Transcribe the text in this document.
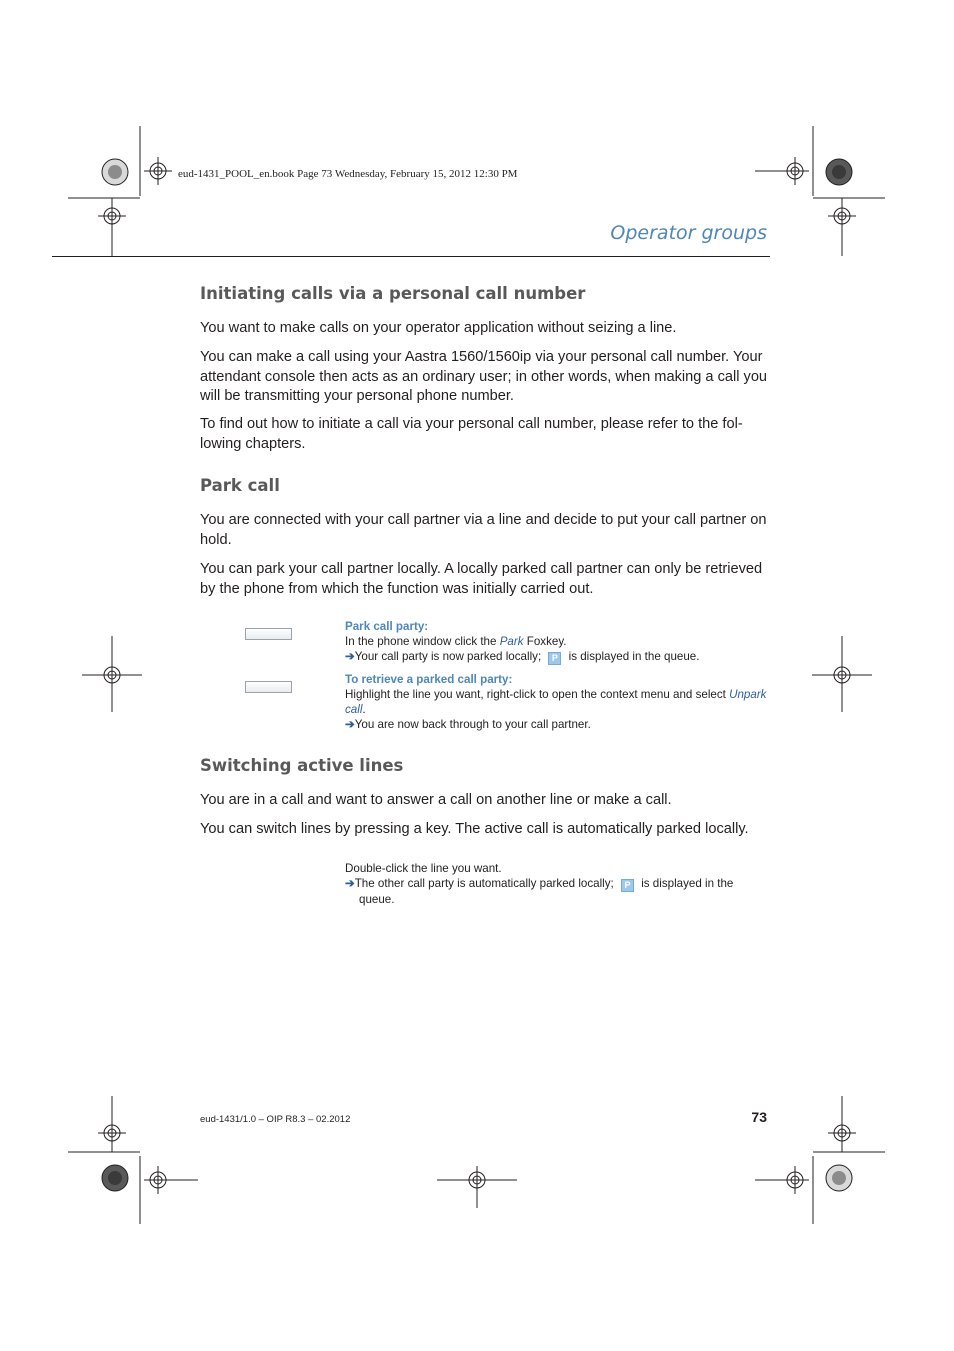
eud-1431_POOL_en.book Page 73 Wednesday, February 15, 2012 12:30 PM
Operator groups
Initiating calls via a personal call number

You want to make calls on your operator application without seizing a line.

You can make a call using your Aastra 1560/1560ip via your personal call number. Your attendant console then acts as an ordinary user; in other words, when making a call you will be transmitting your personal phone number.

To find out how to initiate a call via your personal call number, please refer to the fol-lowing chapters.

Park call

You are connected with your call partner via a line and decide to put your call partner on hold.

You can park your call partner locally. A locally parked call partner can only be retrieved by the phone from which the function was initially carried out.

Park call party:
In the phone window click the Park Foxkey.
➔Your call party is now parked locally; P is displayed in the queue.
To retrieve a parked call party:
Highlight the line you want, right-click to open the context menu and select Unpark call.
➔You are now back through to your call partner.
Switching active lines

You are in a call and want to answer a call on another line or make a call.

You can switch lines by pressing a key. The active call is automatically parked locally.

Double-click the line you want.
➔The other call party is automatically parked locally; P is displayed in the queue.
eud-1431/1.0 – OIP R8.3 – 02.2012	73
